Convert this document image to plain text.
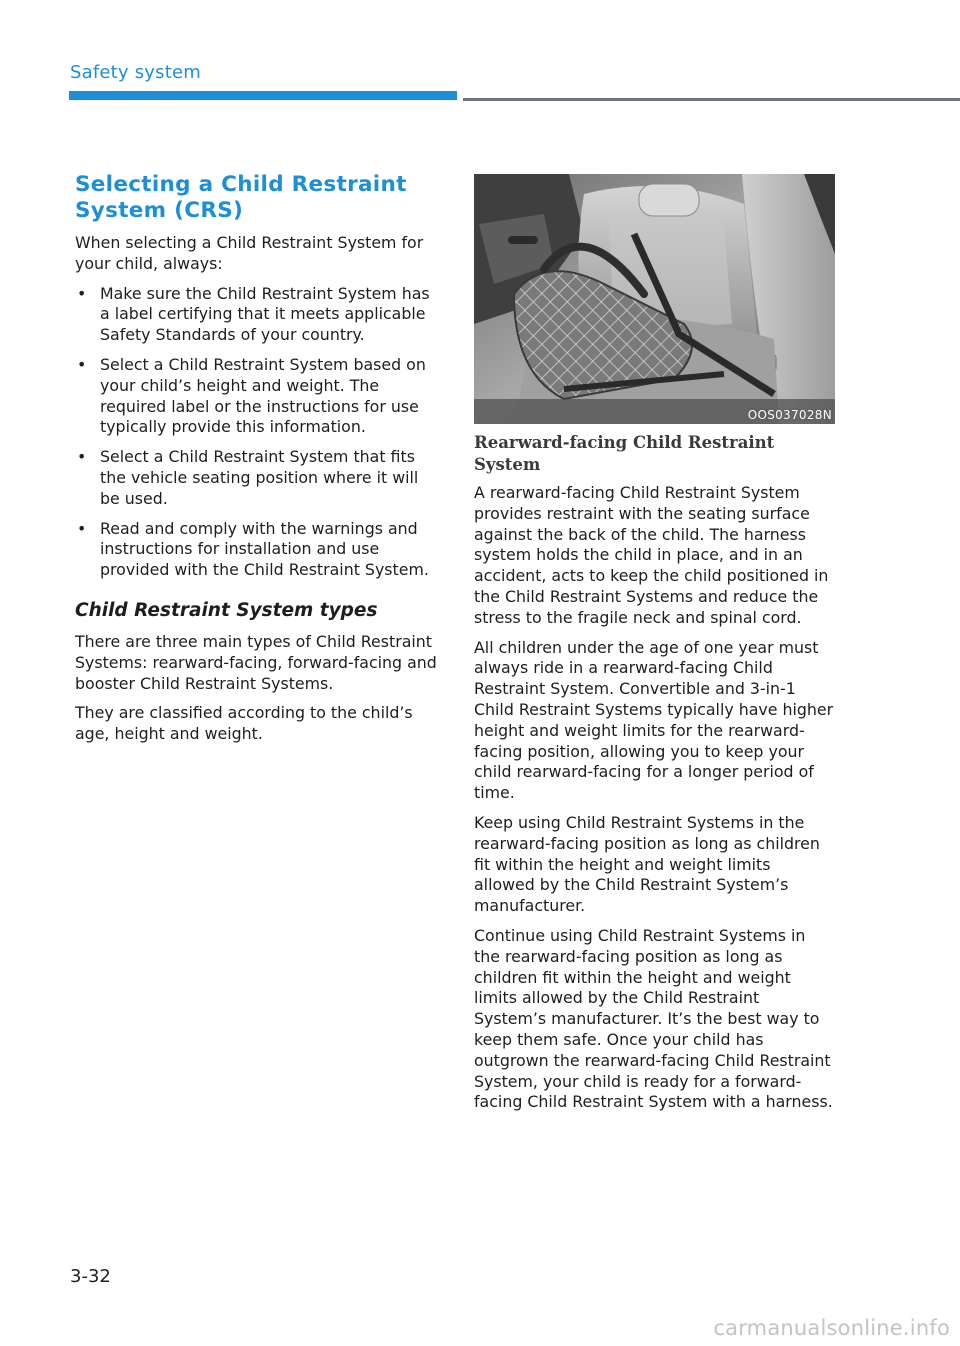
Safety system
Selecting a Child Restraint System (CRS)

When selecting a Child Restraint System for your child, always:

• Make sure the Child Restraint System has a label certifying that it meets applicable Safety Standards of your country.
• Select a Child Restraint System based on your child’s height and weight. The required label or the instructions for use typically provide this information.
• Select a Child Restraint System that fits the vehicle seating position where it will be used.
• Read and comply with the warnings and instructions for installation and use provided with the Child Restraint System.
Child Restraint System types

There are three main types of Child Restraint Systems: rearward-facing, forward-facing and booster Child Restraint Systems.

They are classified according to the child’s age, height and weight.

OOS037028N
Rearward-facing Child Restraint System

A rearward-facing Child Restraint System provides restraint with the seating surface against the back of the child. The harness system holds the child in place, and in an accident, acts to keep the child positioned in the Child Restraint Systems and reduce the stress to the fragile neck and spinal cord.

All children under the age of one year must always ride in a rearward-facing Child Restraint System. Convertible and 3-in-1 Child Restraint Systems typically have higher height and weight limits for the rearward-facing position, allowing you to keep your child rearward-facing for a longer period of time.

Keep using Child Restraint Systems in the rearward-facing position as long as children fit within the height and weight limits allowed by the Child Restraint System’s manufacturer.

Continue using Child Restraint Systems in the rearward-facing position as long as children fit within the height and weight limits allowed by the Child Restraint System’s manufacturer. It’s the best way to keep them safe. Once your child has outgrown the rearward-facing Child Restraint System, your child is ready for a forward-facing Child Restraint System with a harness.

3-32
carmanualsonline.info
